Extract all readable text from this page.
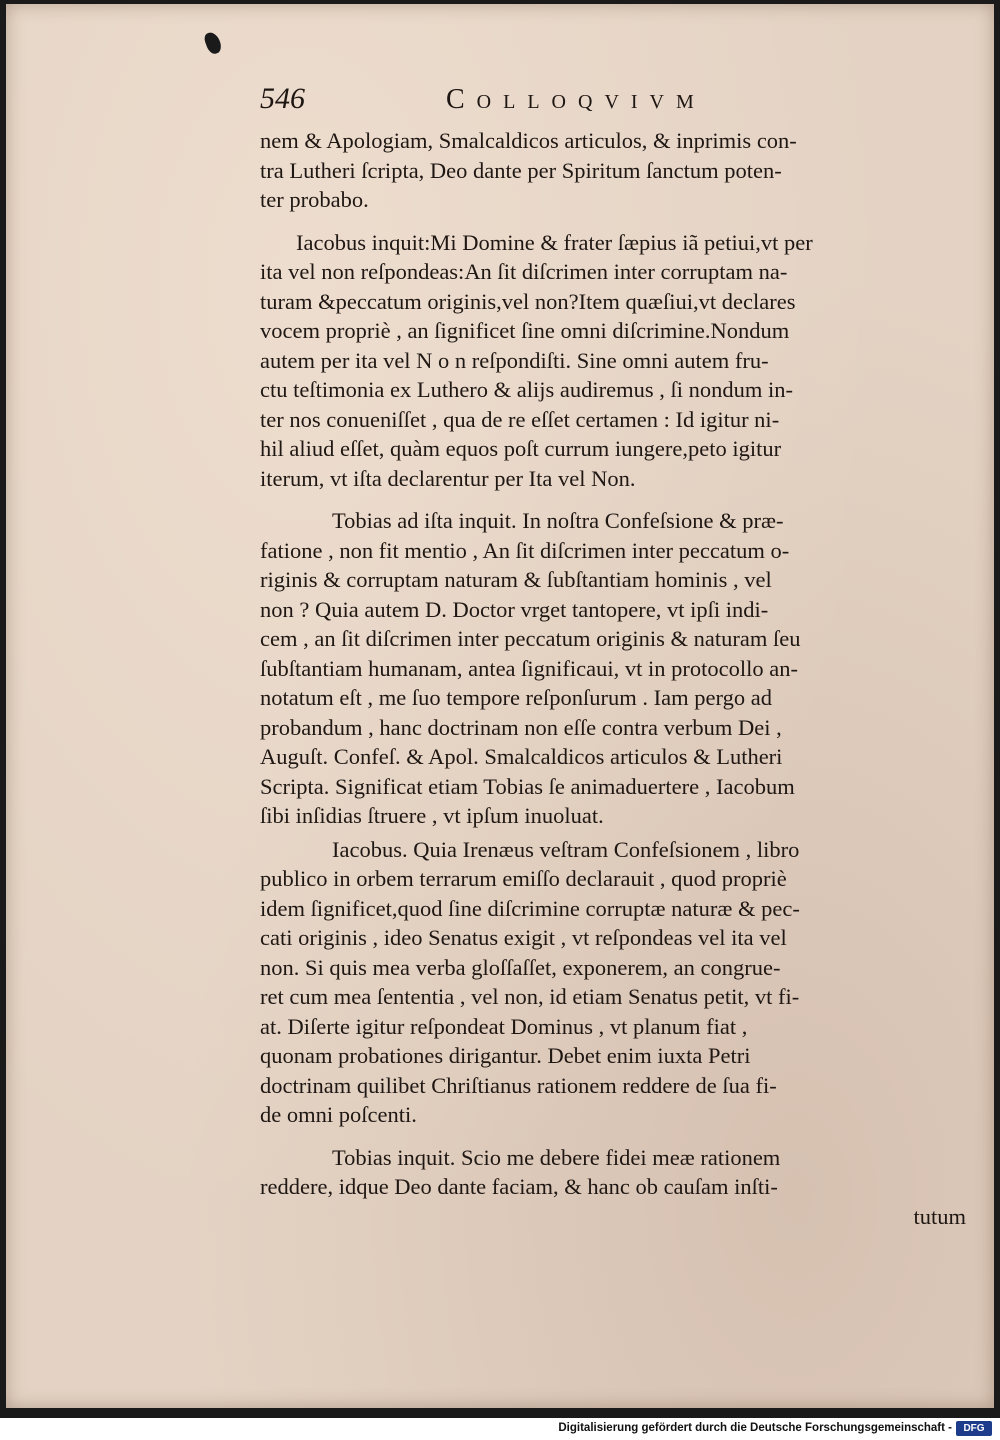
546	Colloqvivm

nem & Apologiam, Smalcaldicos articulos, & inprimis con-
tra Lutheri ſcripta, Deo dante per Spiritum ſanctum poten-
ter probabo.

Iacobus inquit:Mi Domine & frater ſæpius iã petiui,vt per
ita vel non reſpondeas:An ſit diſcrimen inter corruptam na-
turam &peccatum originis,vel non?Item quæſiui,vt declares
vocem propriè , an ſignificet ſine omni diſcrimine.Nondum
autem per ita vel N o n reſpondiſti. Sine omni autem fru-
ctu teſtimonia ex Luthero & alijs audiremus , ſi nondum in-
ter nos conueniſſet , qua de re eſſet certamen : Id igitur ni-
hil aliud eſſet, quàm equos poſt currum iungere,peto igitur
iterum, vt iſta declarentur per Ita vel Non.

Tobias ad iſta inquit. In noſtra Confeſsione & præ-
fatione , non fit mentio , An ſit diſcrimen inter peccatum o-
riginis & corruptam naturam & ſubſtantiam hominis , vel
non ? Quia autem D. Doctor vrget tantopere, vt ipſi indi-
cem , an ſit diſcrimen inter peccatum originis & naturam ſeu
ſubſtantiam humanam, antea ſignificaui, vt in protocollo an-
notatum eſt , me ſuo tempore reſponſurum . Iam pergo ad
probandum , hanc doctrinam non eſſe contra verbum Dei ,
Auguſt. Confeſ. & Apol. Smalcaldicos articulos & Lutheri
Scripta. Significat etiam Tobias ſe animaduertere , Iacobum
ſibi inſidias ſtruere , vt ipſum inuoluat.

Iacobus. Quia Irenæus veſtram Confeſsionem , libro
publico in orbem terrarum emiſſo declarauit , quod propriè
idem ſignificet,quod ſine diſcrimine corruptæ naturæ & pec-
cati originis , ideo Senatus exigit , vt reſpondeas vel ita vel
non. Si quis mea verba gloſſaſſet, exponerem, an congrue-
ret cum mea ſententia , vel non, id etiam Senatus petit, vt fi-
at. Diſerte igitur reſpondeat Dominus , vt planum fiat ,
quonam probationes dirigantur. Debet enim iuxta Petri
doctrinam quilibet Chriſtianus rationem reddere de ſua fi-
de omni poſcenti.

Tobias inquit. Scio me debere fidei meæ rationem
reddere, idque Deo dante faciam, & hanc ob cauſam inſti-
tutum

Digitalisierung gefördert durch die Deutsche Forschungsgemeinschaft -	DFG
